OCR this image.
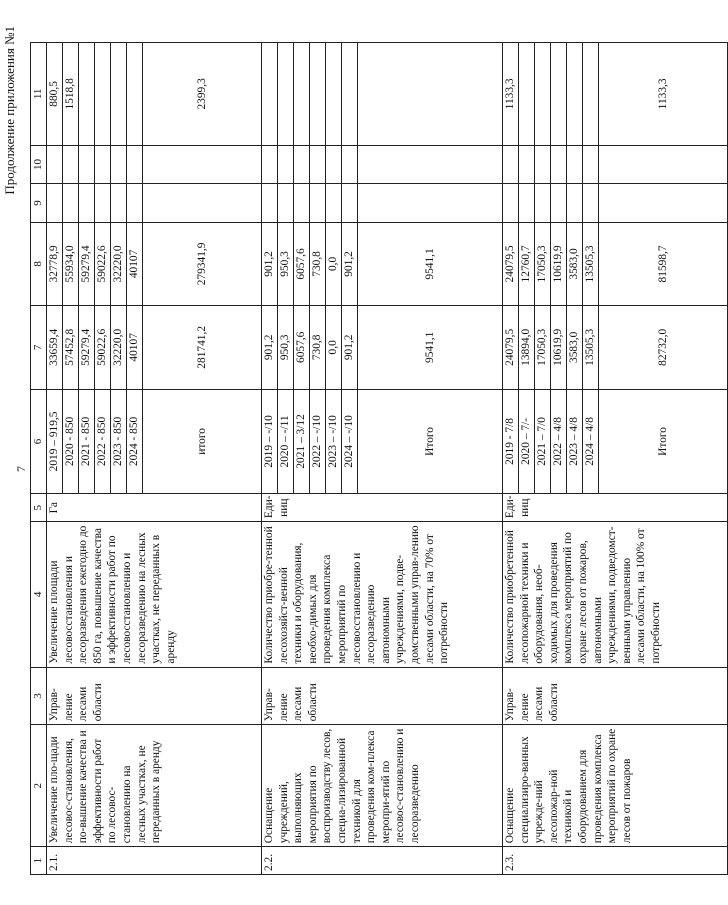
7
Продолжение приложения №1
1	2	3	4	5	6	7	8	9	10	11
2.1.	Увеличение пло-щади лесовос-становления, по-вышение качества и эффективности работ по лесовос-становлению на лесных участках, не переданных в аренду	Управ-ление лесами области	Увеличение площади лесовосстановления и лесоразведения ежегодно до 850 га, повышение качества и эффективности работ по лесовосстановлению и лесоразведению на лесных участках, не переданных в аренду	Га	2019 – 919,5	33659,4	32778,9			880,5
					2020 - 850	57452,8	55934,0			1518,8
					2021 - 850	59279,4	59279,4			
					2022 - 850	59022,6	59022,6			
					2023 - 850	32220,0	32220,0			
					2024 - 850	40107	40107			
					итого	281741,2	279341,9			2399,3
2.2.	Оснащение учреждений, выполняющих мероприятия по воспроизводству лесов, специа-лизированной техникой для проведения ком-плекса меропри-ятий по лесовос-становлению и лесоразведению	Управ-ление лесами области	Количество приобре-тенной лесохозяйст-венной техники и оборудования, необхо-димых для проведения комплекса мероприятий по лесовосстановлению и лесоразведению автономными учреждениями, подве-домственными управ-лению лесами области, на 70% от потребности	Еди-ниц	2019 – -/10	901,2	901,2			
					2020 – -/11	950,3	950,3			
					2021 – 3/12	6057,6	6057,6			
					2022 – -/10	730,8	730,8			
					2023 – -/10	0,0	0,0			
					2024 – -/10	901,2	901,2			
					Итого	9541,1	9541,1			
2.3.	Оснащение специализиро-ванных учрежде-ний лесопожар-ной техникой и оборудованием для проведения комплекса мероприятий по охране лесов от пожаров	Управ-ление лесами области	Количество приобретенной лесопожарной техники и оборудования, необ-ходимых для проведения комплекса мероприятий по охране лесов от пожаров, автономными учреждениями, подведомст-венными управлению лесами области, на 100% от потребности	Еди-ниц	2019 - 7/8	24079,5	24079,5			1133,3
					2020 – 7/-	13894,0	12760,7			
					2021 – 7/0	17050,3	17050,3			
					2022 – 4/8	10619,9	10619,9			
					2023 – 4/8	3583,0	3583,0			
					2024 – 4/8	13505,3	13505,3			
					Итого	82732,0	81598,7			1133,3
